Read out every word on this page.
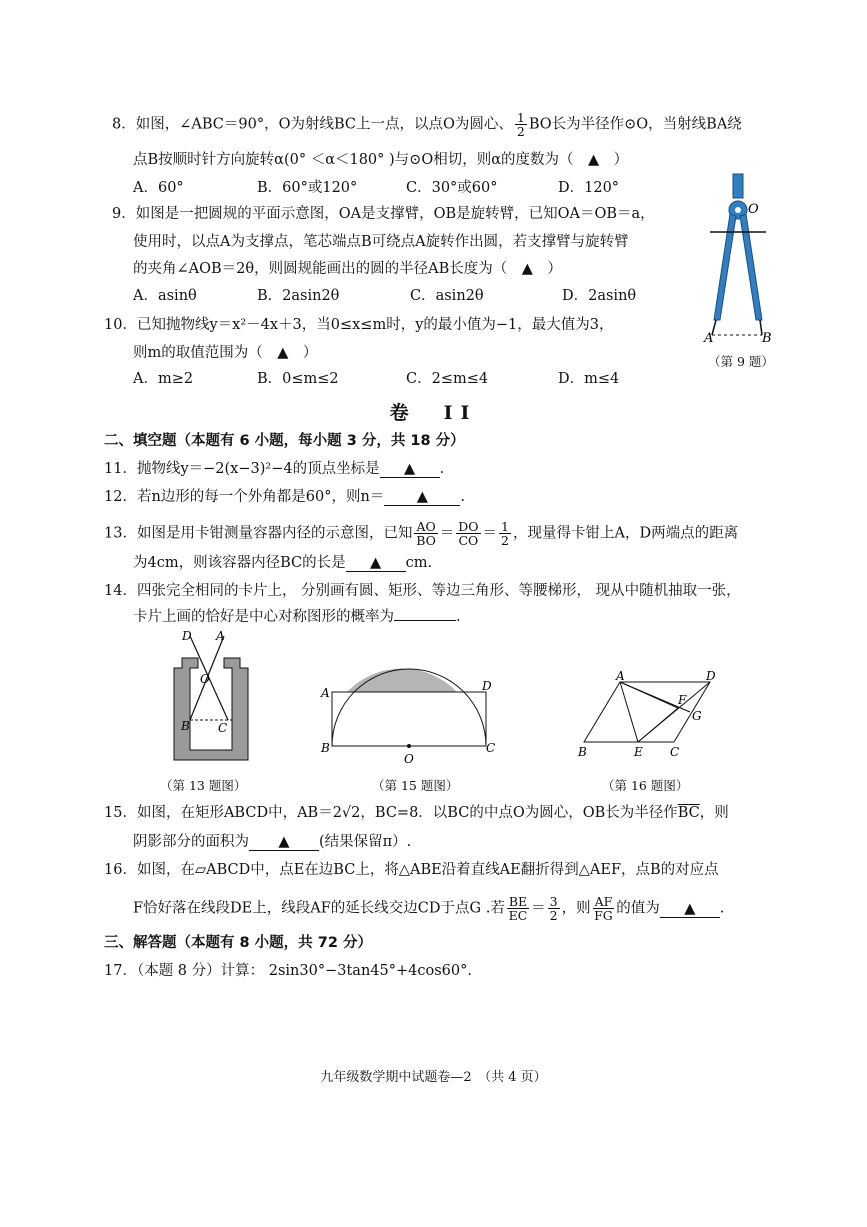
8．如图，∠ABC＝90°，O为射线BC上一点，以点O为圆心、 $\frac{1}{2}$ BO长为半径作⊙O，当射线BA绕
点B按顺时针方向旋转α(0° ＜α＜180° )与⊙O相切，则α的度数为（　▲　）
A．60°	B．60°或120°	C．30°或60°	D．120°
9．如图是一把圆规的平面示意图，OA是支撑臂，OB是旋转臂，已知OA＝OB＝a，
使用时，以点A为支撑点，笔芯端点B可绕点A旋转作出圆，若支撑臂与旋转臂
的夹角∠AOB＝2θ，则圆规能画出的圆的半径AB长度为（　▲　）
A．asinθ	B．2asin2θ	C．asin2θ	D．2asinθ
O
2θ
A	B
（第 9 题）
10．已知抛物线y＝x²－4x＋3，当0≤x≤m时，y的最小值为−1，最大值为3，
则m的取值范围为（　▲　）
A．m≥2	B．0≤m≤2	C．2≤m≤4	D．m≤4
卷　II
二、填空题（本题有 6 小题，每小题 3 分，共 18 分）
11．抛物线y＝−2(x−3)²−4的顶点坐标是 ▲ .
12．若n边形的每一个外角都是60°，则n＝ ▲ .
13．如图是用卡钳测量容器内径的示意图，已知 $\frac{AO}{BO} = \frac{DO}{CO} = \frac{1}{2}$ ，现量得卡钳上A，D两端点的距离
为4cm，则该容器内径BC的长是 ▲ cm.
14．四张完全相同的卡片上， 分别画有圆、矩形、等边三角形、等腰梯形， 现从中随机抽取一张，
卡片上画的恰好是中心对称图形的概率为	.
D A
O
B C
（第 13 题图）
A	D
B	C
O
（第 15 题图）
A	D
F
G
B	E C
（第 16 题图）
15．如图，在矩形ABCD中，AB＝2√2，BC=8．以BC的中点O为圆心，OB长为半径作$\overline{BC}$，则
阴影部分的面积为 ▲ (结果保留π）.
16．如图，在▱ABCD中，点E在边BC上，将△ABE沿着直线AE翻折得到△AEF，点B的对应点
F恰好落在线段DE上，线段AF的延长线交边CD于点G .若 $\frac{BE}{EC} = \frac{3}{2}$ ，则 $\frac{AF}{FG}$ 的值为 ▲ .
三、解答题（本题有 8 小题，共 72 分）
17．（本题 8 分）计算： 2sin30°−3tan45°+4cos60°.
九年级数学期中试题卷—2　（共 4 页）
